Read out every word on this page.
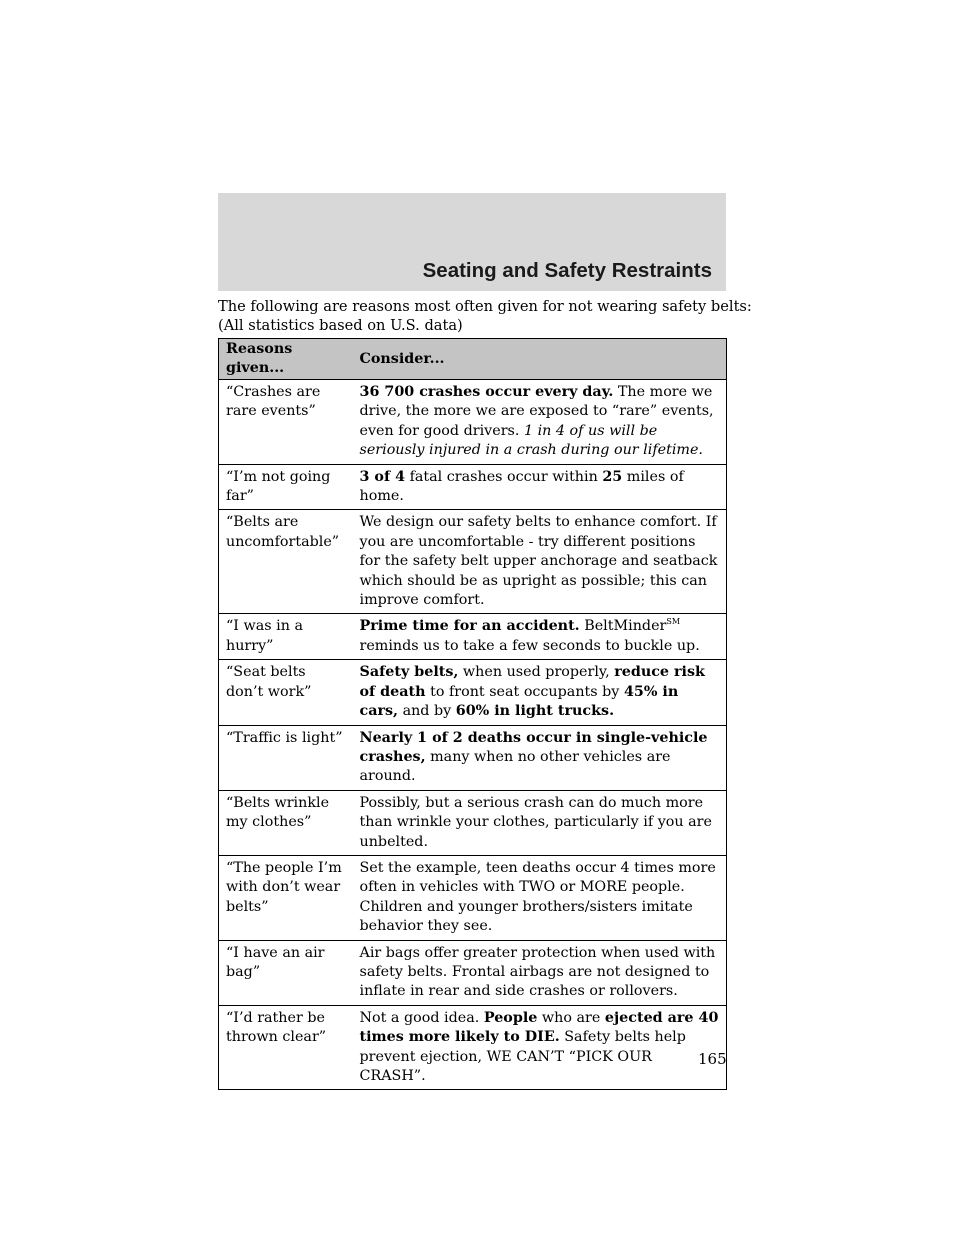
Seating and Safety Restraints
The following are reasons most often given for not wearing safety belts:
(All statistics based on U.S. data)
Reasons given...	Consider...
“Crashes are rare events”	36 700 crashes occur every day. The more we drive, the more we are exposed to “rare” events, even for good drivers. 1 in 4 of us will be seriously injured in a crash during our lifetime.
“I’m not going far”	3 of 4 fatal crashes occur within 25 miles of home.
“Belts are uncomfortable”	We design our safety belts to enhance comfort. If you are uncomfortable - try different positions for the safety belt upper anchorage and seatback which should be as upright as possible; this can improve comfort.
“I was in a hurry”	Prime time for an accident. BeltMinder℠ reminds us to take a few seconds to buckle up.
“Seat belts don’t work”	Safety belts, when used properly, reduce risk of death to front seat occupants by 45% in cars, and by 60% in light trucks.
“Traffic is light”	Nearly 1 of 2 deaths occur in single-vehicle crashes, many when no other vehicles are around.
“Belts wrinkle my clothes”	Possibly, but a serious crash can do much more than wrinkle your clothes, particularly if you are unbelted.
“The people I’m with don’t wear belts”	Set the example, teen deaths occur 4 times more often in vehicles with TWO or MORE people. Children and younger brothers/sisters imitate behavior they see.
“I have an air bag”	Air bags offer greater protection when used with safety belts. Frontal airbags are not designed to inflate in rear and side crashes or rollovers.
“I’d rather be thrown clear”	Not a good idea. People who are ejected are 40 times more likely to DIE. Safety belts help prevent ejection, WE CAN’T “PICK OUR CRASH”.
165
